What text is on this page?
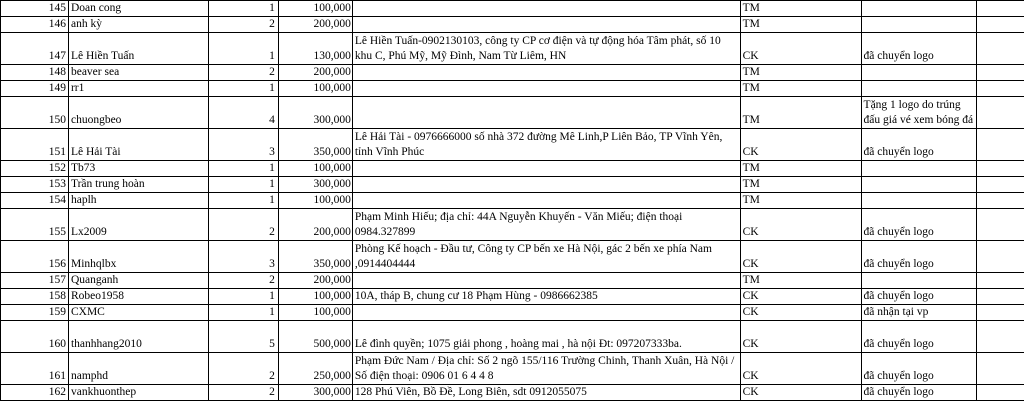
145	Doan cong	1	100,000		TM		
146	anh kỳ	2	200,000		TM		
147	Lê Hiền Tuấn	1	130,000	Lê Hiền Tuấn-0902130103, công ty CP cơ điện và tự động hóa Tâm phát, số 10 khu C, Phú Mỹ, Mỹ Đình, Nam Từ Liêm, HN	CK	đã chuyển logo	
148	beaver sea	2	200,000		TM		
149	rr1	1	100,000		TM		
150	chuongbeo	4	300,000		TM	Tặng 1 logo do trúng đấu giá vé xem bóng đá	
151	Lê Hải Tài	3	350,000	Lê Hải Tài - 0976666000 số nhà 372 đường Mê Linh,P Liên Bảo, TP Vĩnh Yên, tỉnh Vĩnh Phúc	CK	đã chuyển logo	
152	Tb73	1	100,000		TM		
153	Trần trung hoàn	1	300,000		TM		
154	haplh	1	100,000		TM		
155	Lx2009	2	200,000	Phạm Minh Hiếu; địa chỉ: 44A Nguyễn Khuyến - Văn Miếu; điện thoại 0984.327899	CK	đã chuyển logo	
156	Minhqlbx	3	350,000	Phòng Kế hoạch - Đầu tư, Công ty CP bến xe Hà Nội, gác 2 bến xe phía Nam ,0914404444	CK	đã chuyển logo	
157	Quanganh	2	200,000		TM		
158	Robeo1958	1	100,000	10A, tháp B, chung cư 18 Phạm Hùng - 0986662385	CK	đã chuyển logo	
159	CXMC	1	100,000		CK	đã nhận tại vp	
160	thanhhang2010	5	500,000	Lê đình quyền; 1075 giải phong , hoàng mai , hà nội Đt: 097207333ba.	CK	đã chuyển logo	
161	namphd	2	250,000	Phạm Đức Nam / Địa chỉ: Số 2 ngõ 155/116 Trường Chinh, Thanh Xuân, Hà Nội / Số điện thoại: 0906 01 6 4 4 8	CK	đã chuyển logo	
162	vankhuonthep	2	300,000	128 Phú Viên, Bồ Đề, Long Biên, sdt 0912055075	CK	đã chuyển logo	
